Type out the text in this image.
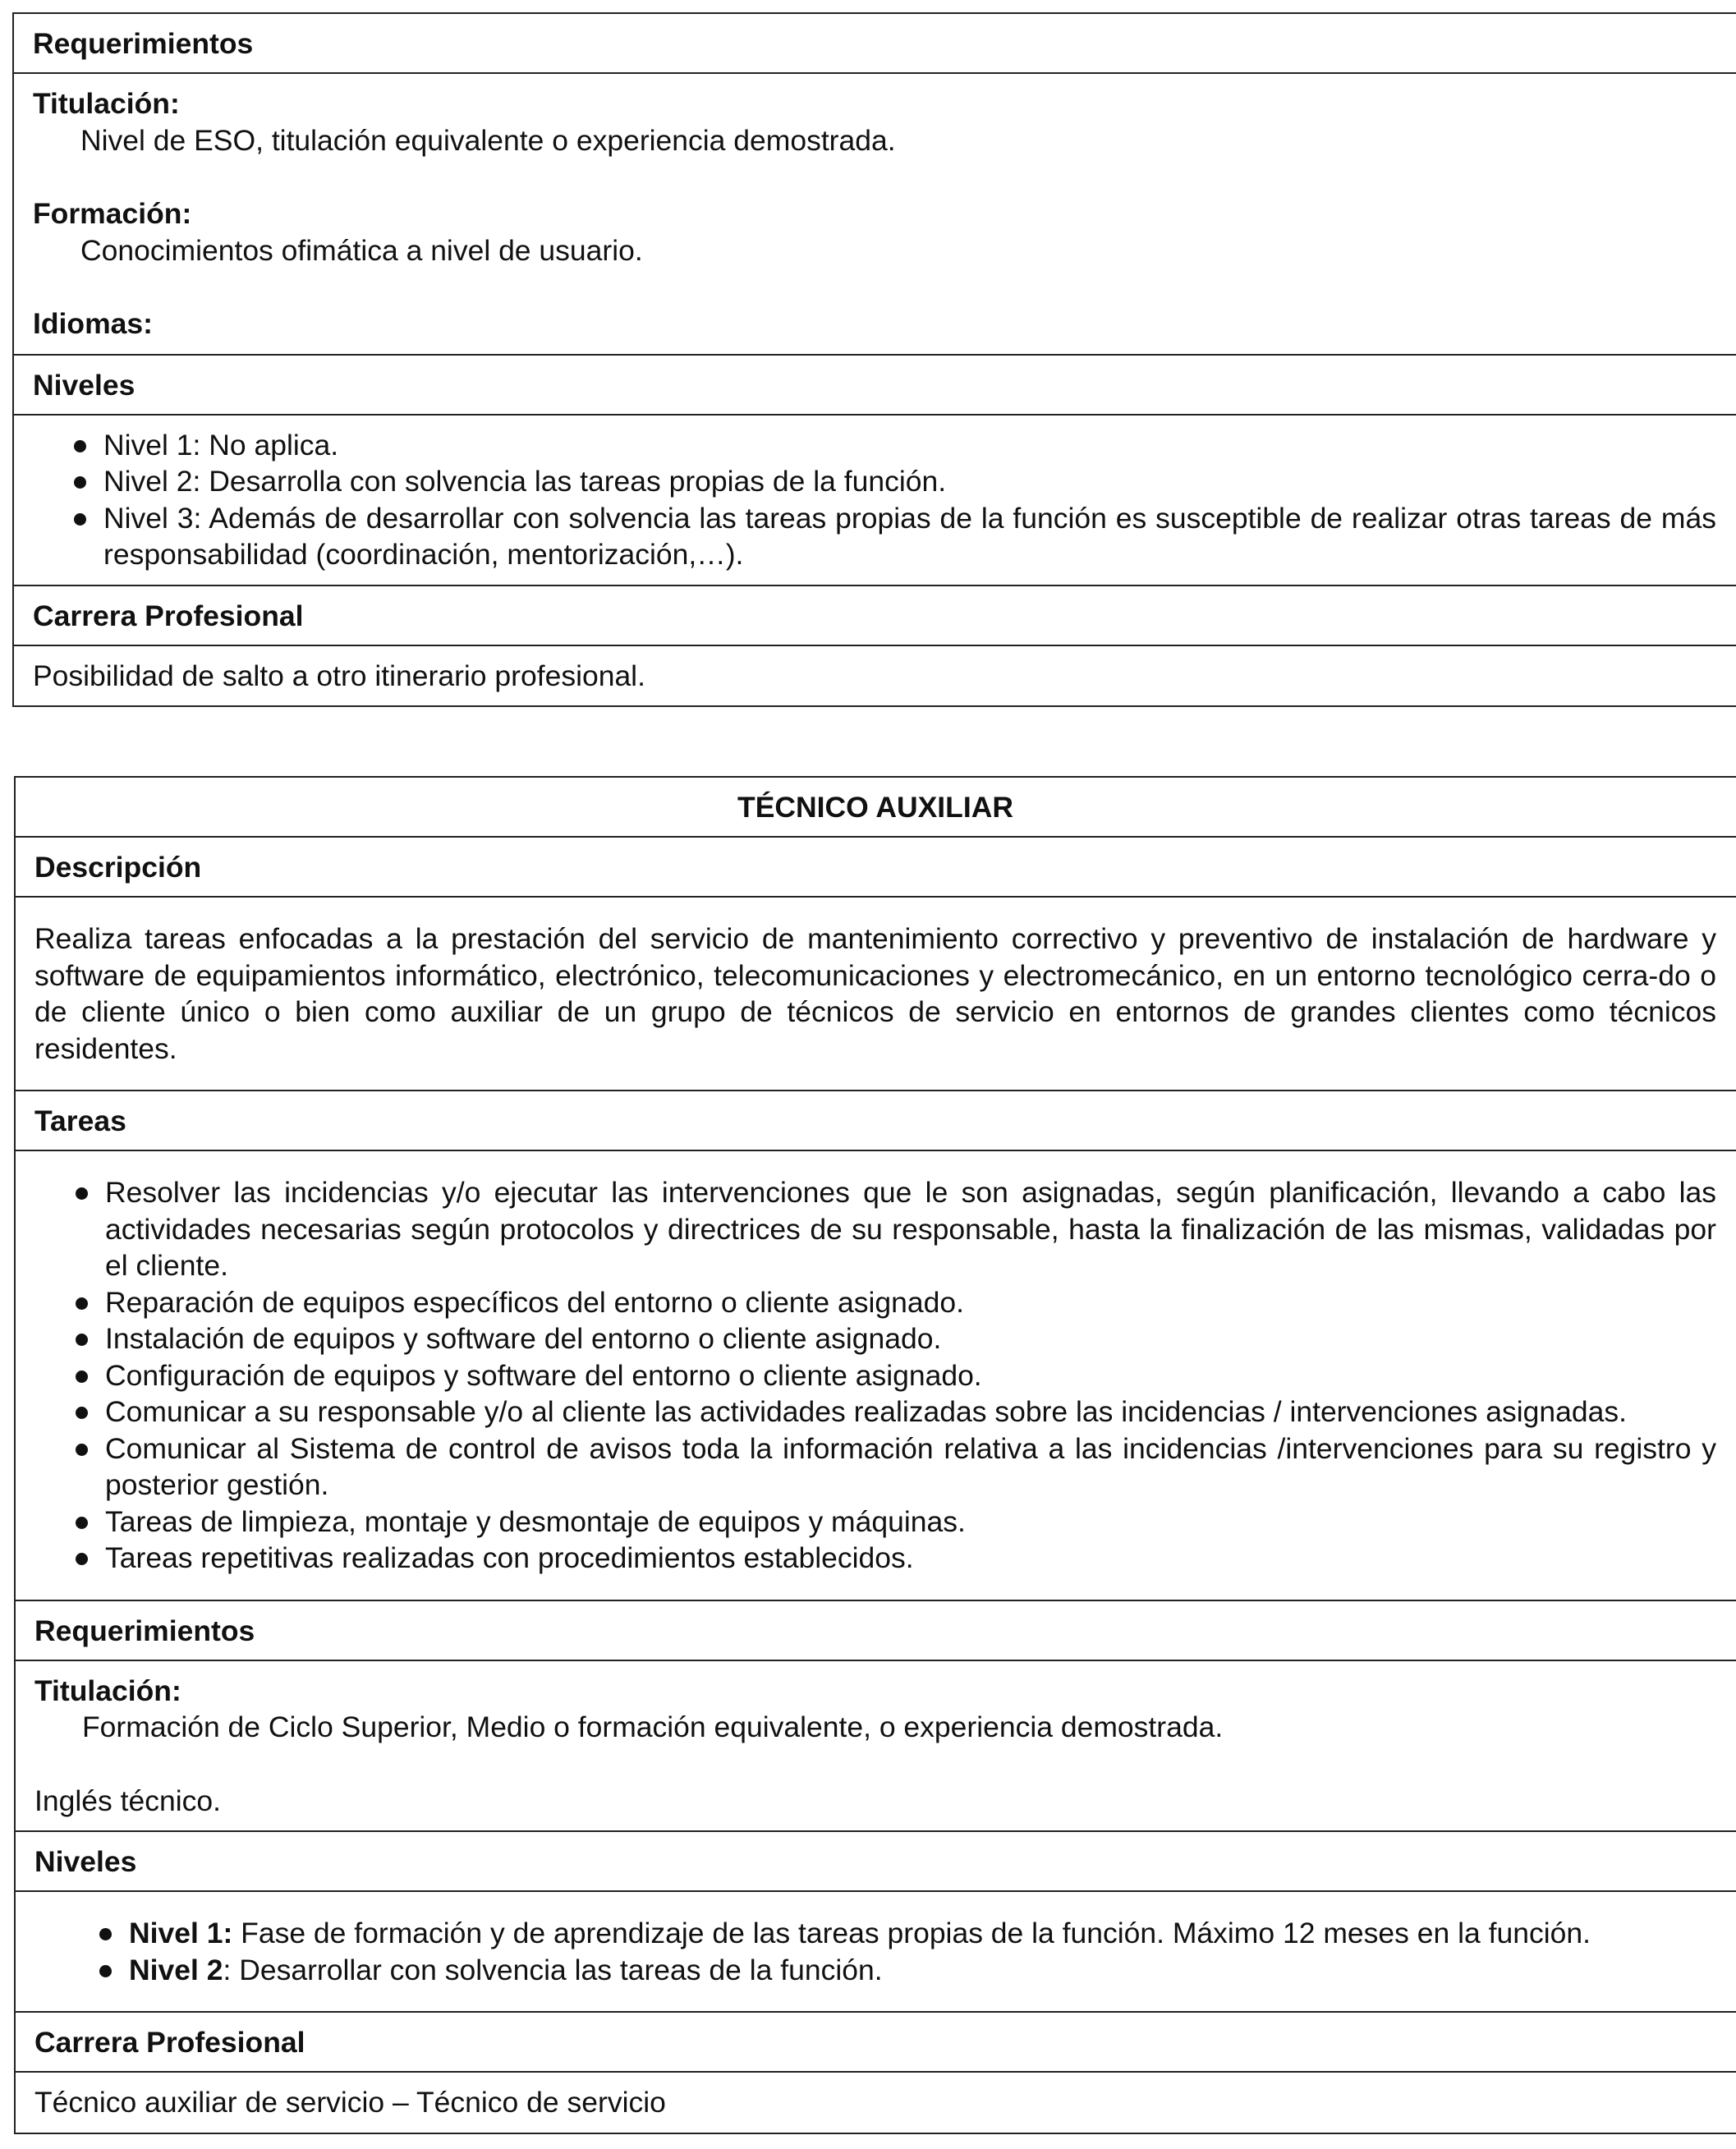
Requerimientos
Titulación:
Nivel de ESO, titulación equivalente o experiencia demostrada.
Formación:
Conocimientos ofimática a nivel de usuario.
Idiomas:
Niveles
Nivel 1: No aplica.
Nivel 2: Desarrolla con solvencia las tareas propias de la función.
Nivel 3: Además de desarrollar con solvencia las tareas propias de la función es susceptible de realizar otras tareas de más responsabilidad (coordinación, mentorización,…).
Carrera Profesional
Posibilidad de salto a otro itinerario profesional.
TÉCNICO AUXILIAR
Descripción
Realiza tareas enfocadas a la prestación del servicio de mantenimiento correctivo y preventivo de instalación de hardware y software de equipamientos informático, electrónico, telecomunicaciones y electromecánico, en un entorno tecnológico cerra-do o de cliente único o bien como auxiliar de un grupo de técnicos de servicio en entornos de grandes clientes como técnicos residentes.
Tareas
Resolver las incidencias y/o ejecutar las intervenciones que le son asignadas, según planificación, llevando a cabo las actividades necesarias según protocolos y directrices de su responsable, hasta la finalización de las mismas, validadas por el cliente.
Reparación de equipos específicos del entorno o cliente asignado.
Instalación de equipos y software del entorno o cliente asignado.
Configuración de equipos y software del entorno o cliente asignado.
Comunicar a su responsable y/o al cliente las actividades realizadas sobre las incidencias / intervenciones asignadas.
Comunicar al Sistema de control de avisos toda la información relativa a las incidencias /intervenciones para su registro y posterior gestión.
Tareas de limpieza, montaje y desmontaje de equipos y máquinas.
Tareas repetitivas realizadas con procedimientos establecidos.
Requerimientos
Titulación:
Formación de Ciclo Superior, Medio o formación equivalente, o experiencia demostrada.
Inglés técnico.
Niveles
Nivel 1: Fase de formación y de aprendizaje de las tareas propias de la función. Máximo 12 meses en la función.
Nivel 2: Desarrollar con solvencia las tareas de la función.
Carrera Profesional
Técnico auxiliar de servicio – Técnico de servicio
